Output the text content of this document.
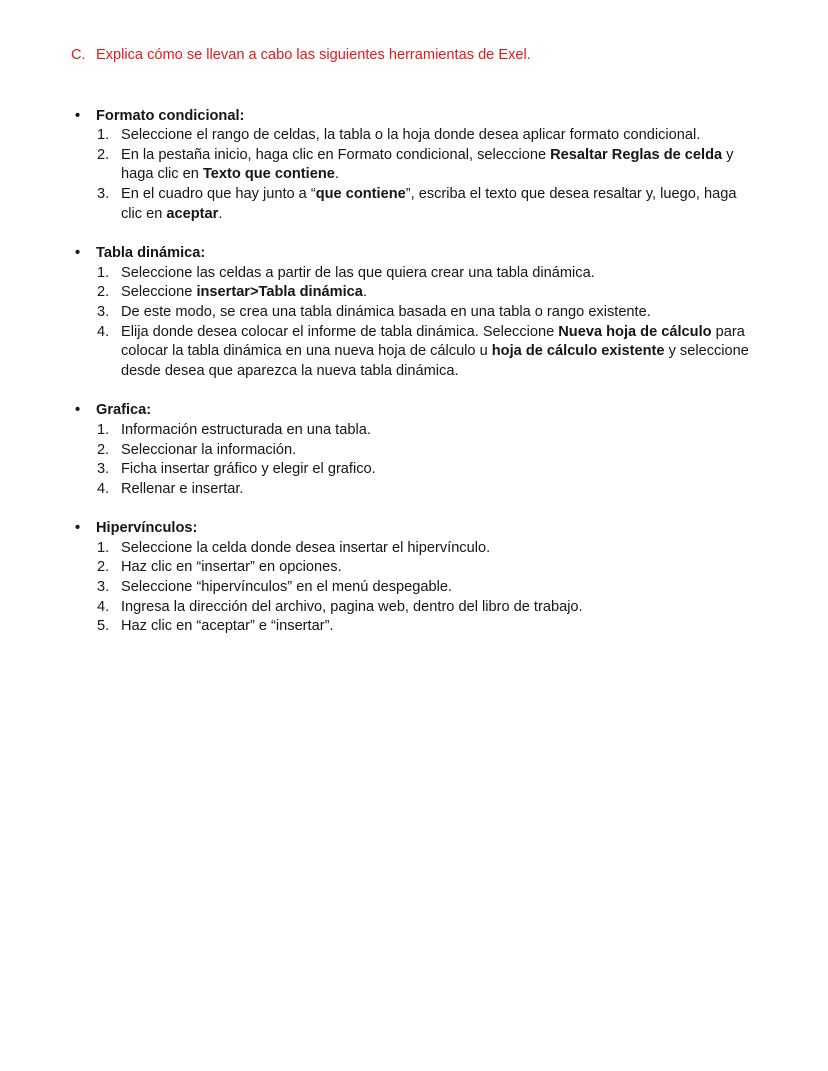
C. Explica cómo se llevan a cabo las siguientes herramientas de Exel.
•	Formato condicional:
1. Seleccione el rango de celdas, la tabla o la hoja donde desea aplicar formato condicional.
2. En la pestaña inicio, haga clic en Formato condicional, seleccione Resaltar Reglas de celda y haga clic en Texto que contiene.
3. En el cuadro que hay junto a “que contiene”, escriba el texto que desea resaltar y, luego, haga clic en aceptar.
•	Tabla dinámica:
1. Seleccione las celdas a partir de las que quiera crear una tabla dinámica.
2. Seleccione insertar>Tabla dinámica.
3. De este modo, se crea una tabla dinámica basada en una tabla o rango existente.
4. Elija donde desea colocar el informe de tabla dinámica. Seleccione Nueva hoja de cálculo para colocar la tabla dinámica en una nueva hoja de cálculo u hoja de cálculo existente y seleccione desde desea que aparezca la nueva tabla dinámica.
•	Grafica:
1. Información estructurada en una tabla.
2. Seleccionar la información.
3. Ficha insertar gráfico y elegir el grafico.
4. Rellenar e insertar.
•	Hipervínculos:
1. Seleccione la celda donde desea insertar el hipervínculo.
2. Haz clic en “insertar” en opciones.
3. Seleccione “hipervínculos” en el menú despegable.
4. Ingresa la dirección del archivo, pagina web, dentro del libro de trabajo.
5. Haz clic en “aceptar” e “insertar”.
